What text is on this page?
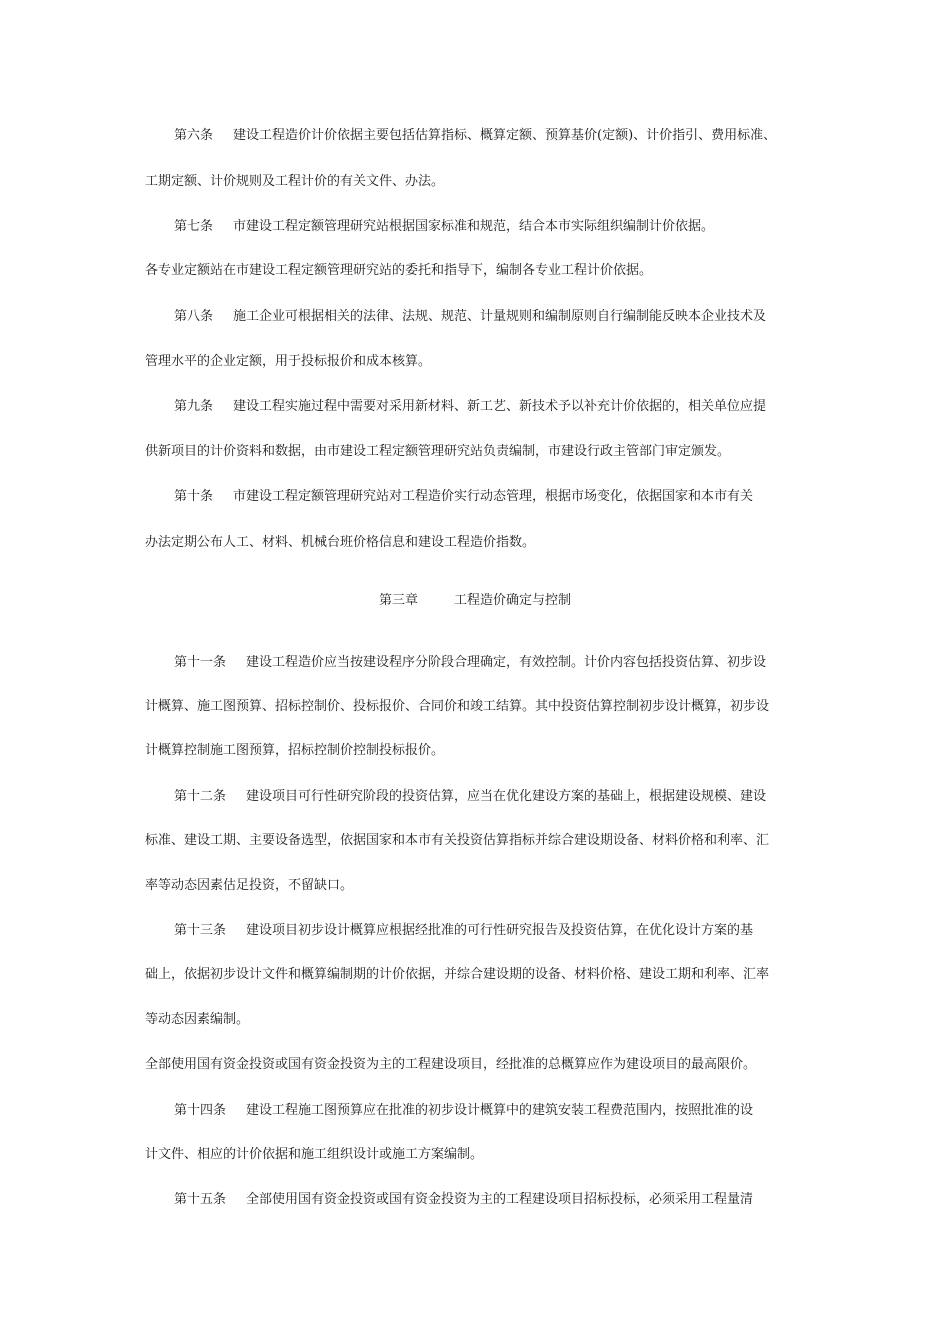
第六条 建设工程造价计价依据主要包括估算指标、概算定额、预算基价(定额)、计价指引、费用标准、
工期定额、计价规则及工程计价的有关文件、办法。
第七条 市建设工程定额管理研究站根据国家标准和规范，结合本市实际组织编制计价依据。
各专业定额站在市建设工程定额管理研究站的委托和指导下，编制各专业工程计价依据。
第八条 施工企业可根据相关的法律、法规、规范、计量规则和编制原则自行编制能反映本企业技术及
管理水平的企业定额，用于投标报价和成本核算。
第九条 建设工程实施过程中需要对采用新材料、新工艺、新技术予以补充计价依据的，相关单位应提
供新项目的计价资料和数据，由市建设工程定额管理研究站负责编制，市建设行政主管部门审定颁发。
第十条 市建设工程定额管理研究站对工程造价实行动态管理，根据市场变化，依据国家和本市有关
办法定期公布人工、材料、机械台班价格信息和建设工程造价指数。
第三章	工程造价确定与控制
第十一条 建设工程造价应当按建设程序分阶段合理确定，有效控制。计价内容包括投资估算、初步设
计概算、施工图预算、招标控制价、投标报价、合同价和竣工结算。其中投资估算控制初步设计概算，初步设
计概算控制施工图预算，招标控制价控制投标报价。
第十二条 建设项目可行性研究阶段的投资估算，应当在优化建设方案的基础上，根据建设规模、建设
标准、建设工期、主要设备选型，依据国家和本市有关投资估算指标并综合建设期设备、材料价格和利率、汇
率等动态因素估足投资，不留缺口。
第十三条 建设项目初步设计概算应根据经批准的可行性研究报告及投资估算，在优化设计方案的基
础上，依据初步设计文件和概算编制期的计价依据，并综合建设期的设备、材料价格、建设工期和利率、汇率
等动态因素编制。
全部使用国有资金投资或国有资金投资为主的工程建设项目，经批准的总概算应作为建设项目的最高限价。
第十四条 建设工程施工图预算应在批准的初步设计概算中的建筑安装工程费范围内，按照批准的设
计文件、相应的计价依据和施工组织设计或施工方案编制。
第十五条 全部使用国有资金投资或国有资金投资为主的工程建设项目招标投标，必须采用工程量清
